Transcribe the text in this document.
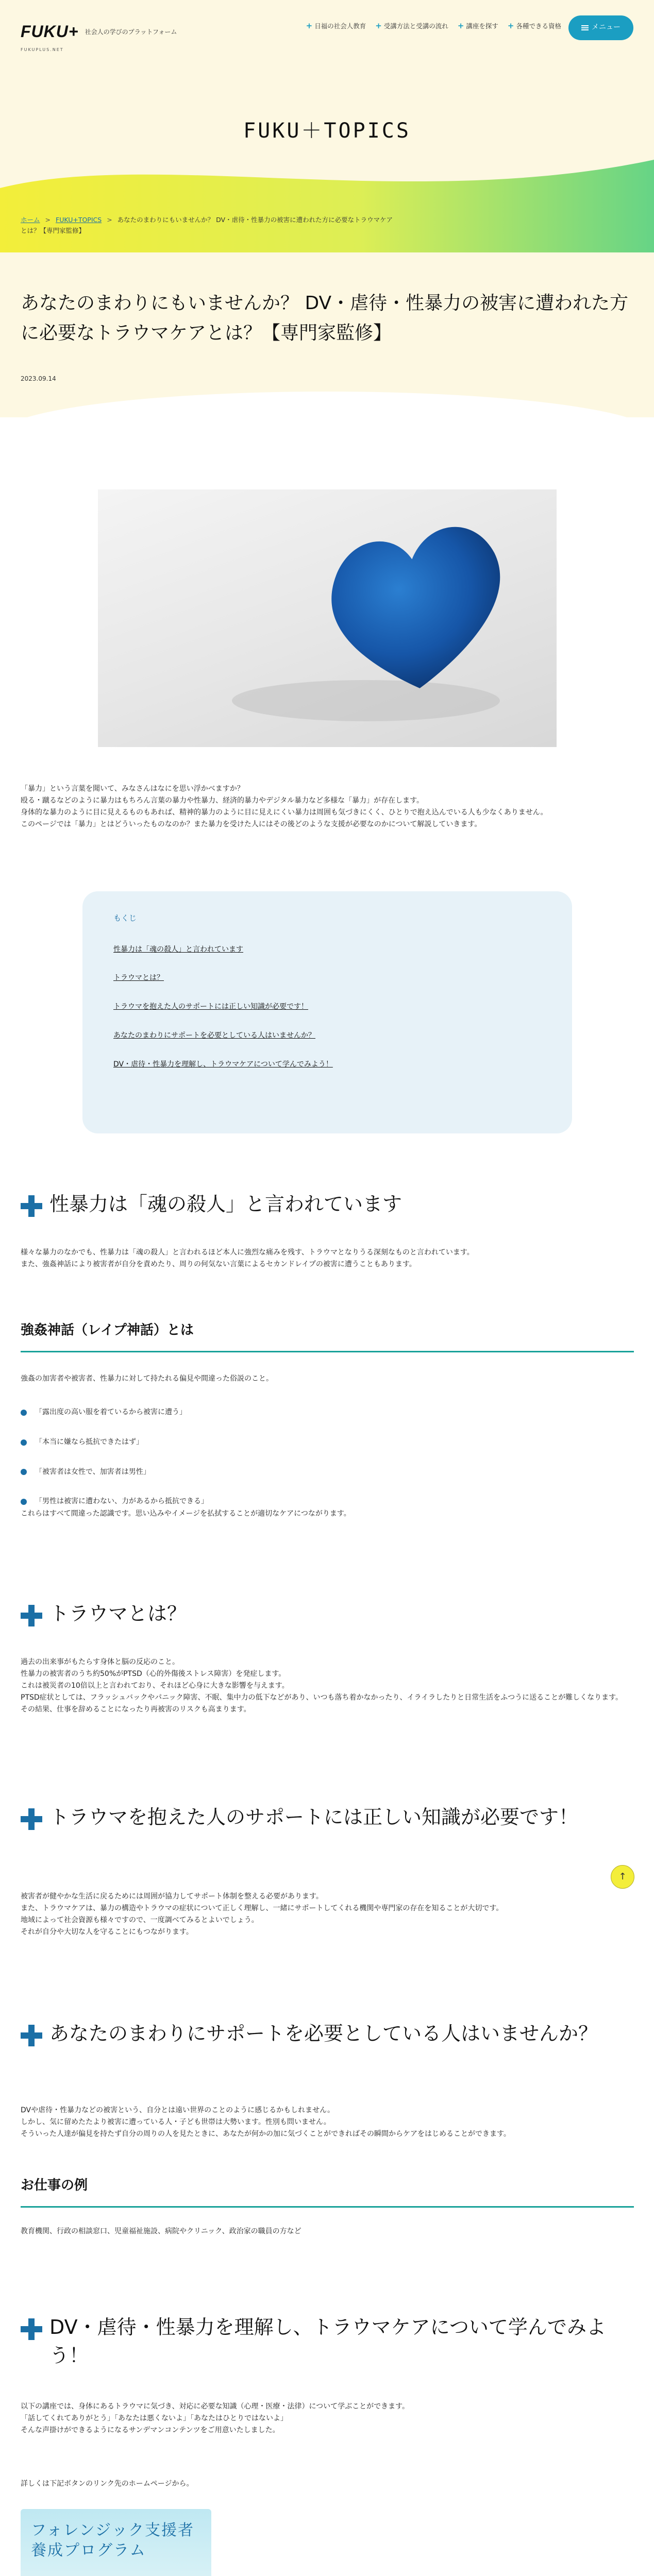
FUKU+
FUKUPLUS.NET
社会人の学びのプラットフォーム
+ 日福の社会人教育 + 受講方法と受講の流れ + 講座を探す + 各種できる資格	メニュー
FUKU＋TOPICS
ホーム > FUKU+TOPICS > あなたのまわりにもいませんか？ DV・虐待・性暴力の被害に遭われた方に必要なトラウマケア
とは？【専門家監修】
あなたのまわりにもいませんか？ DV・虐待・性暴力の被害に遭われた方に必要なトラウマケアとは？【専門家監修】
2023.09.14

「暴力」という言葉を聞いて、みなさんはなにを思い浮かべますか？

殴る・蹴るなどのように暴力はもちろん言葉の暴力や性暴力、経済的暴力やデジタル暴力など多様な「暴力」が存在します。

身体的な暴力のように目に見えるものもあれば、精神的暴力のように目に見えにくい暴力は周囲も気づきにくく、ひとりで抱え込んでいる人も少なくありません。

このページでは「暴力」とはどういったものなのか？また暴力を受けた人にはその後どのような支援が必要なのかについて解説していきます。

もくじ
性暴力は「魂の殺人」と言われています
トラウマとは？
トラウマを抱えた人のサポートには正しい知識が必要です！
あなたのまわりにサポートを必要としている人はいませんか？
DV・虐待・性暴力を理解し、トラウマケアについて学んでみよう！
性暴力は「魂の殺人」と言われています

様々な暴力のなかでも、性暴力は「魂の殺人」と言われるほど本人に強烈な痛みを残す、トラウマとなりうる深刻なものと言われています。

また、強姦神話により被害者が自分を責めたり、周りの何気ない言葉によるセカンドレイプの被害に遭うこともあります。

強姦神話（レイプ神話）とは
強姦の加害者や被害者、性暴力に対して持たれる偏見や間違った俗説のこと。
「露出度の高い服を着ているから被害に遭う」
「本当に嫌なら抵抗できたはず」
「被害者は女性で、加害者は男性」
「男性は被害に遭わない、力があるから抵抗できる」

これらはすべて間違った認識です。思い込みやイメージを払拭することが適切なケアにつながります。

トラウマとは？

過去の出来事がもたらす身体と脳の反応のこと。

性暴力の被害者のうち約50%がPTSD（心的外傷後ストレス障害）を発症します。

これは被災者の10倍以上と言われており、それほど心身に大きな影響を与えます。

PTSD症状としては、フラッシュバックやパニック障害、不眠、集中力の低下などがあり、いつも落ち着かなかったり、イライラしたりと日常生活をふつうに送ることが難しくなります。

その結果、仕事を辞めることになったり再被害のリスクも高まります。

トラウマを抱えた人のサポートには正しい知識が必要です！

被害者が健やかな生活に戻るためには周囲が協力してサポート体制を整える必要があります。

また、トラウマケアは、暴力の構造やトラウマの症状について正しく理解し、一緒にサポートしてくれる機関や専門家の存在を知ることが大切です。

地域によって社会資源も様々ですので、一度調べてみるとよいでしょう。

それが自分や大切な人を守ることにもつながります。

↑
あなたのまわりにサポートを必要としている人はいませんか？

DVや虐待・性暴力などの被害という、自分とは遠い世界のことのように感じるかもしれません。

しかし、気に留めたたより被害に遭っている人・子ども世帯は大勢います。性別も問いません。

そういった人達が偏見を持たず自分の周りの人を見たときに、あなたが何かの加に気づくことができればその瞬間からケアをはじめることができます。

お仕事の例
教育機関、行政の相談窓口、児童福祉施設、病院やクリニック、政治家の職員の方など
DV・虐待・性暴力を理解し、トラウマケアについて学んでみよう！

以下の講座では、身体にあるトラウマに気づき、対応に必要な知識（心理・医療・法律）について学ぶことができます。

「話してくれてありがとう」「あなたは悪くないよ」「あなたはひとりではないよ」

そんな声掛けができるようになるサンデマンコンテンツをご用意いたしました。

詳しくは下記ボタンのリンク先のホームページから。
フォレンジック支援者
養成プログラム
